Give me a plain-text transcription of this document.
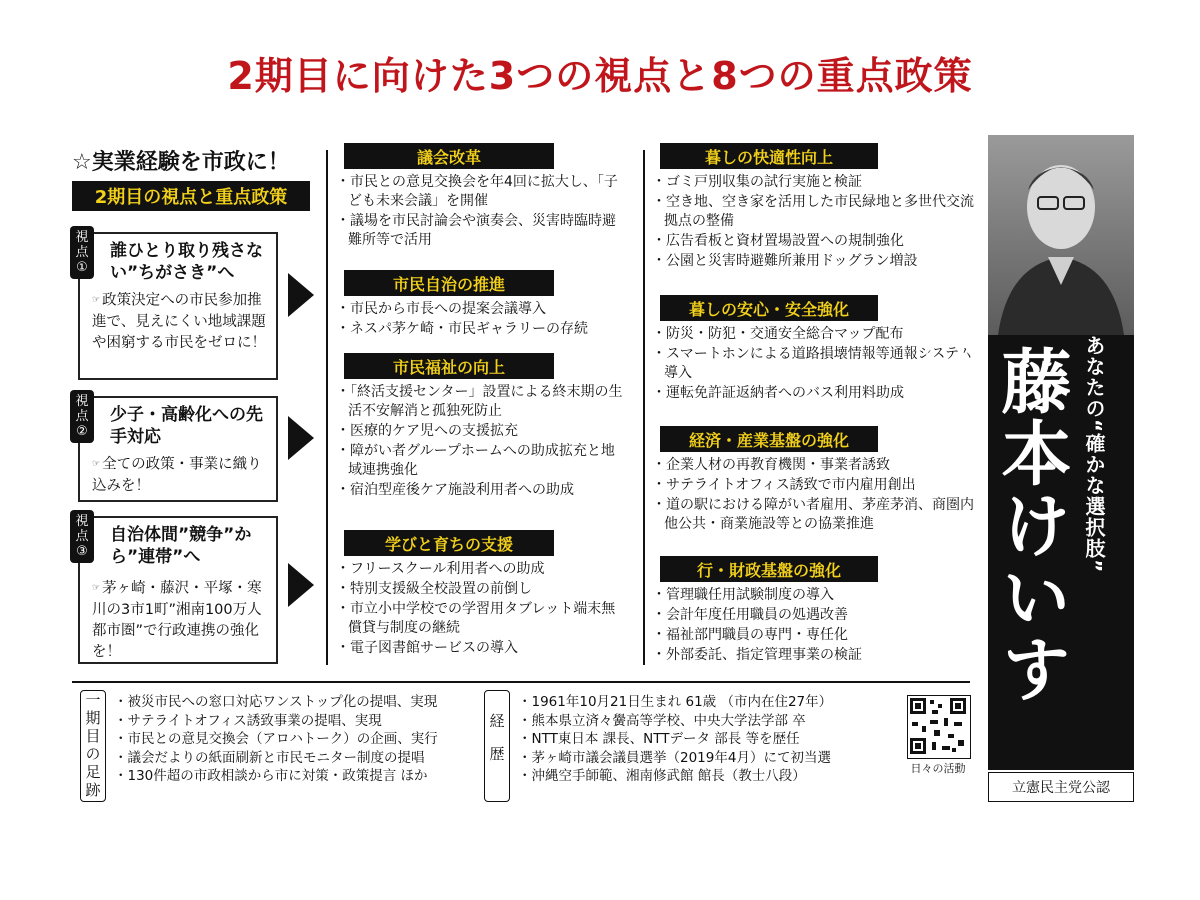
2期目に向けた3つの視点と8つの重点政策
☆実業経験を市政に！
2期目の視点と重点政策
視
点
①
誰ひとり取り残さない”ちがさき”へ
☞ 政策決定への市民参加推進で、見えにくい地域課題や困窮する市民をゼロに！
視
点
②
少子・高齢化への先手対応
☞ 全ての政策・事業に織り込みを！
視
点
③
自治体間”競争”から”連帯”へ
☞ 茅ヶ崎・藤沢・平塚・寒川の3市1町”湘南100万人都市圏”で行政連携の強化を！
議会改革
・ 市民との意見交換会を年4回に拡大し、「子ども未来会議」を開催
・ 議場を市民討論会や演奏会、災害時臨時避難所等で活用
市民自治の推進
・ 市民から市長への提案会議導入
・ ネスパ茅ケ崎・市民ギャラリーの存続
市民福祉の向上
・ 「終活支援センター」設置による終末期の生活不安解消と孤独死防止
・ 医療的ケア児への支援拡充
・ 障がい者グループホームへの助成拡充と地域連携強化
・ 宿泊型産後ケア施設利用者への助成
学びと育ちの支援
・ フリースクール利用者への助成
・ 特別支援級全校設置の前倒し
・ 市立小中学校での学習用タブレット端末無償貸与制度の継続
・ 電子図書館サービスの導入
暮しの快適性向上
・ ゴミ戸別収集の試行実施と検証
・ 空き地、空き家を活用した市民緑地と多世代交流拠点の整備
・ 広告看板と資材置場設置への規制強化
・ 公園と災害時避難所兼用ドッグラン増設
暮しの安心・安全強化
・ 防災・防犯・交通安全総合マップ配布
・ スマートホンによる道路損壊情報等通報システム導入
・ 運転免許証返納者へのバス利用料助成
経済・産業基盤の強化
・ 企業人材の再教育機関・事業者誘致
・ サテライトオフィス誘致で市内雇用創出
・ 道の駅における障がい者雇用、茅産茅消、商圏内他公共・商業施設等との協業推進
行・財政基盤の強化
・ 管理職任用試験制度の導入
・ 会計年度任用職員の処遇改善
・ 福祉部門職員の専門・専任化
・ 外部委託、指定管理事業の検証	藤本けいすけ	あなたの“確かな選択肢”
立憲民主党公認
一期目の足跡
・	被災市民への窓口対応ワンストップ化の提唱、実現
・ サテライトオフィス誘致事業の提唱、実現
・ 市民との意見交換会（アロハトーク）の企画、実行
・ 議会だよりの紙面刷新と市民モニター制度の提唱
・ 130件超の市政相談から市に対策・政策提言 ほか	経歴
・ 1961年10月21日生まれ 61歳 （市内在住27年）
・ 熊本県立済々黌高等学校、中央大学法学部 卒
・ NTT東日本 課長、NTTデータ 部長 等を歴任
・ 茅ヶ崎市議会議員選挙（2019年4月）にて初当選
・ 沖縄空手師範、湘南修武館 館長（教士八段）	日々の活動
